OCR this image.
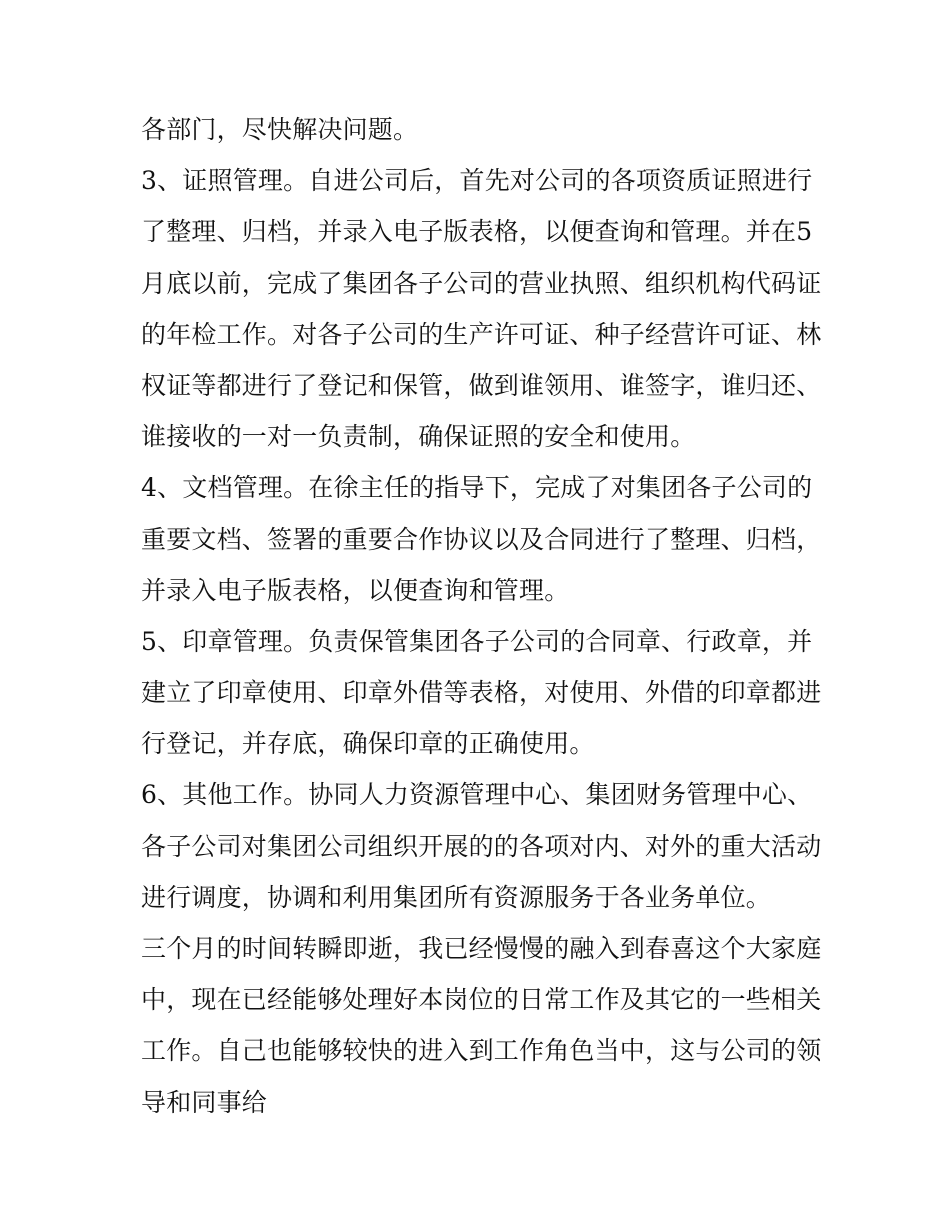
各部门，尽快解决问题。
3、证照管理。自进公司后，首先对公司的各项资质证照进行
了整理、归档，并录入电子版表格，以便查询和管理。并在5
月底以前，完成了集团各子公司的营业执照、组织机构代码证
的年检工作。对各子公司的生产许可证、种子经营许可证、林
权证等都进行了登记和保管，做到谁领用、谁签字，谁归还、
谁接收的一对一负责制，确保证照的安全和使用。
4、文档管理。在徐主任的指导下，完成了对集团各子公司的
重要文档、签署的重要合作协议以及合同进行了整理、归档，
并录入电子版表格，以便查询和管理。
5、印章管理。负责保管集团各子公司的合同章、行政章，并
建立了印章使用、印章外借等表格，对使用、外借的印章都进
行登记，并存底，确保印章的正确使用。
6、其他工作。协同人力资源管理中心、集团财务管理中心、
各子公司对集团公司组织开展的的各项对内、对外的重大活动
进行调度，协调和利用集团所有资源服务于各业务单位。
三个月的时间转瞬即逝，我已经慢慢的融入到春喜这个大家庭
中，现在已经能够处理好本岗位的日常工作及其它的一些相关
工作。自己也能够较快的进入到工作角色当中，这与公司的领
导和同事给
